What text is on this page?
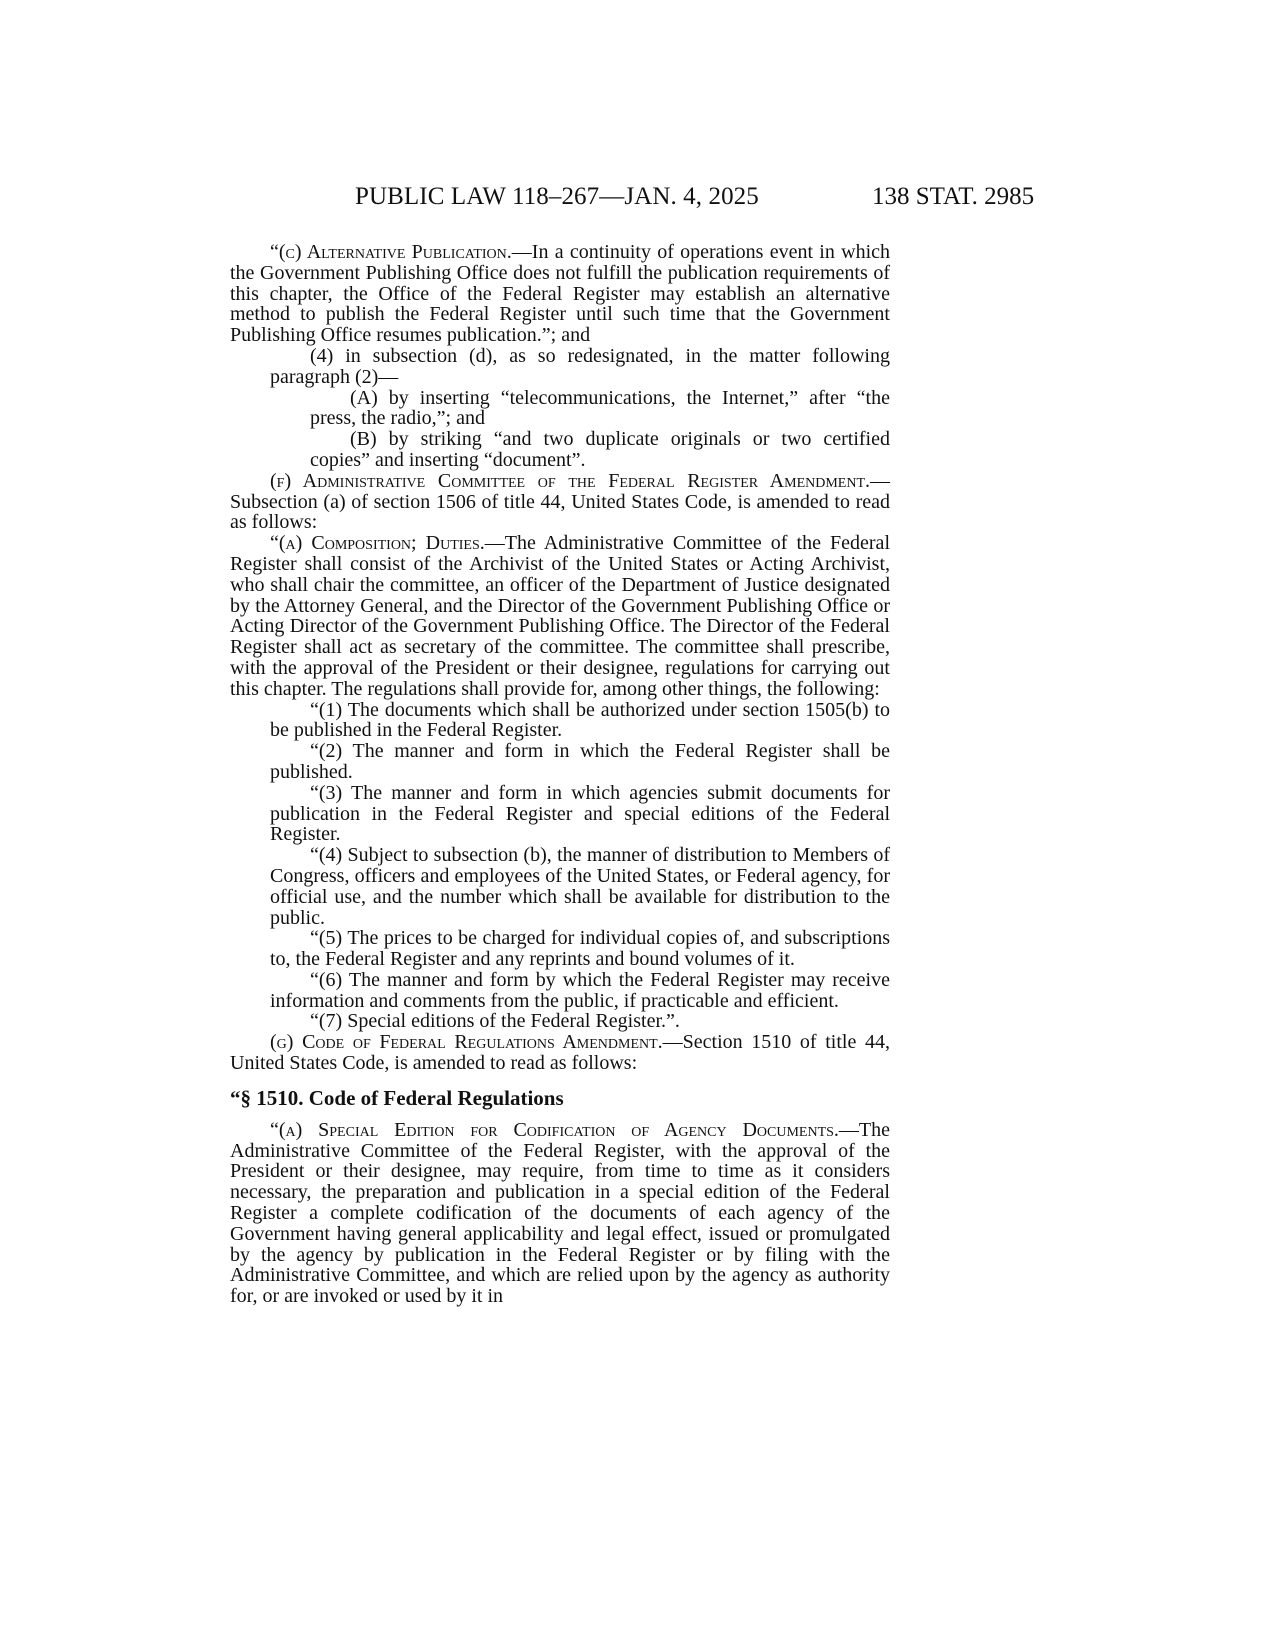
PUBLIC LAW 118–267—JAN. 4, 2025	138 STAT. 2985

“(c) Alternative Publication.—In a continuity of operations event in which the Government Publishing Office does not fulfill the publication requirements of this chapter, the Office of the Federal Register may establish an alternative method to publish the Federal Register until such time that the Government Publishing Office resumes publication.”; and

(4) in subsection (d), as so redesignated, in the matter following paragraph (2)—

(A) by inserting “telecommunications, the Internet,” after “the press, the radio,”; and

(B) by striking “and two duplicate originals or two certified copies” and inserting “document”.

(f) Administrative Committee of the Federal Register Amendment.—Subsection (a) of section 1506 of title 44, United States Code, is amended to read as follows:

“(a) Composition; Duties.—The Administrative Committee of the Federal Register shall consist of the Archivist of the United States or Acting Archivist, who shall chair the committee, an officer of the Department of Justice designated by the Attorney General, and the Director of the Government Publishing Office or Acting Director of the Government Publishing Office. The Director of the Federal Register shall act as secretary of the committee. The committee shall prescribe, with the approval of the President or their designee, regulations for carrying out this chapter. The regulations shall provide for, among other things, the following:

“(1) The documents which shall be authorized under section 1505(b) to be published in the Federal Register.

“(2) The manner and form in which the Federal Register shall be published.

“(3) The manner and form in which agencies submit documents for publication in the Federal Register and special editions of the Federal Register.

“(4) Subject to subsection (b), the manner of distribution to Members of Congress, officers and employees of the United States, or Federal agency, for official use, and the number which shall be available for distribution to the public.

“(5) The prices to be charged for individual copies of, and subscriptions to, the Federal Register and any reprints and bound volumes of it.

“(6) The manner and form by which the Federal Register may receive information and comments from the public, if practicable and efficient.

“(7) Special editions of the Federal Register.”.

(g) Code of Federal Regulations Amendment.—Section 1510 of title 44, United States Code, is amended to read as follows:

“§ 1510. Code of Federal Regulations

“(a) Special Edition for Codification of Agency Documents.—The Administrative Committee of the Federal Register, with the approval of the President or their designee, may require, from time to time as it considers necessary, the preparation and publication in a special edition of the Federal Register a complete codification of the documents of each agency of the Government having general applicability and legal effect, issued or promulgated by the agency by publication in the Federal Register or by filing with the Administrative Committee, and which are relied upon by the agency as authority for, or are invoked or used by it in
